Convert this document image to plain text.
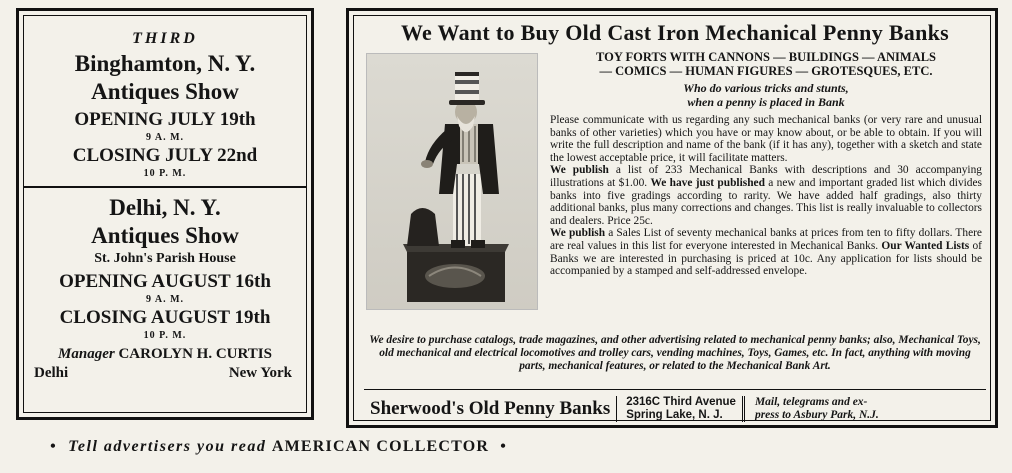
THIRD
Binghamton, N. Y.
Antiques Show
OPENING JULY 19th
9 A. M.
CLOSING JULY 22nd
10 P. M.
Delhi, N. Y.
Antiques Show
St. John's Parish House
OPENING AUGUST 16th
9 A. M.
CLOSING AUGUST 19th
10 P. M.
Manager CAROLYN H. CURTIS
Delhi	New York
We Want to Buy Old Cast Iron Mechanical Penny Banks
TOY FORTS WITH CANNONS — BUILDINGS — ANIMALS
— COMICS — HUMAN FIGURES — GROTESQUES, ETC.
Who do various tricks and stunts,
when a penny is placed in Bank

Please communicate with us regarding any such mechanical banks (or very rare and unusual banks of other varieties) which you have or may know about, or be able to obtain. If you will write the full description and name of the bank (if it has any), together with a sketch and state the lowest acceptable price, it will facilitate matters.

We publish a list of 233 Mechanical Banks with descriptions and 30 accompanying illustrations at $1.00. We have just published a new and important graded list which divides banks into five gradings according to rarity. We have added half gradings, also thirty additional banks, plus many corrections and changes. This list is really invaluable to collectors and dealers. Price 25c.

We publish a Sales List of seventy mechanical banks at prices from ten to fifty dollars. There are real values in this list for everyone interested in Mechanical Banks. Our Wanted Lists of Banks we are interested in purchasing is priced at 10c. Any application for lists should be accompanied by a stamped and self-addressed envelope.

We desire to purchase catalogs, trade magazines, and other advertising related to mechanical penny banks; also, Mechanical Toys, old mechanical and electrical locomotives and trolley cars, vending machines, Toys, Games, etc. In fact, anything with moving parts, mechanical features, or related to the Mechanical Bank Art.
Sherwood's Old Penny Banks 2316C Third Avenue
Spring Lake, N. J.
Mail, telegrams and ex-
press to Asbury Park, N.J.
• Tell advertisers you read AMERICAN COLLECTOR •
